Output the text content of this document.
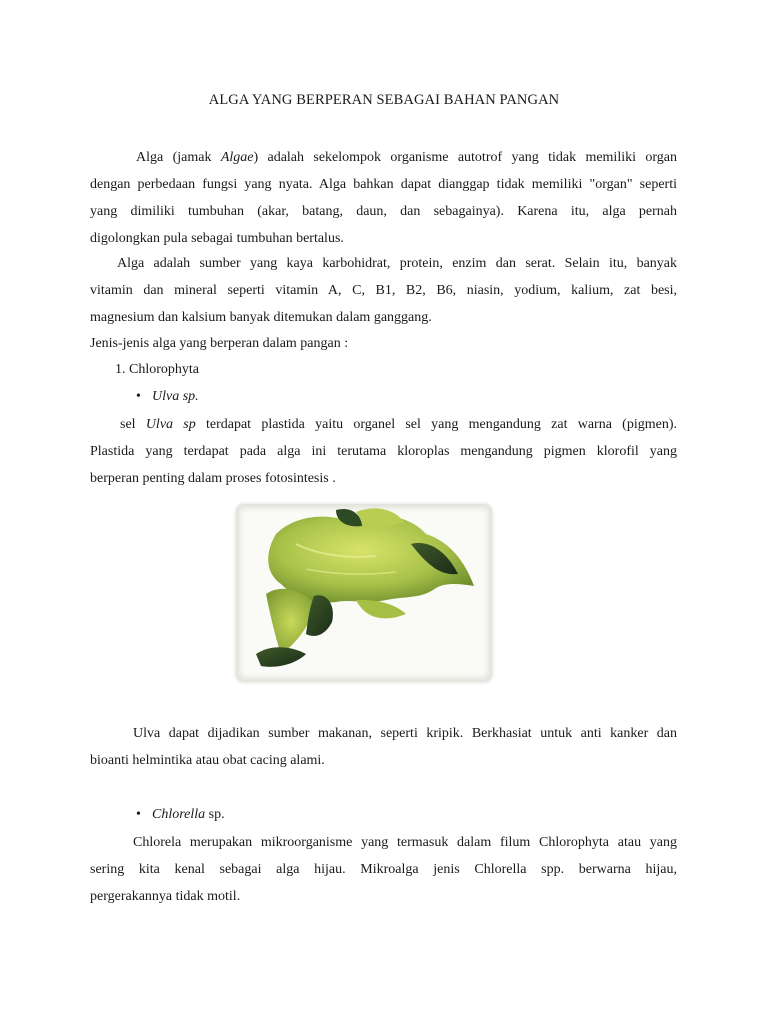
ALGA YANG BERPERAN SEBAGAI BAHAN PANGAN
Alga (jamak Algae) adalah sekelompok organisme autotrof yang tidak memiliki organ
dengan perbedaan fungsi yang nyata. Alga bahkan dapat dianggap tidak memiliki "organ" seperti
yang dimiliki tumbuhan (akar, batang, daun, dan sebagainya). Karena itu, alga pernah
digolongkan pula sebagai tumbuhan bertalus.
Alga adalah sumber yang kaya karbohidrat, protein, enzim dan serat. Selain itu, banyak
vitamin dan mineral seperti vitamin A, C, B1, B2, B6, niasin, yodium, kalium, zat besi,
magnesium dan kalsium banyak ditemukan dalam ganggang.

Jenis-jenis alga yang berperan dalam pangan :

1. Chlorophyta

• Ulva sp.

sel Ulva sp terdapat plastida yaitu organel sel yang mengandung zat warna (pigmen).
Plastida yang terdapat pada alga ini terutama kloroplas mengandung pigmen klorofil yang
berperan penting dalam proses fotosintesis .
Ulva dapat dijadikan sumber makanan, seperti kripik. Berkhasiat untuk anti kanker dan
bioanti helmintika atau obat cacing alami.

• Chlorella sp.

Chlorela merupakan mikroorganisme yang termasuk dalam filum Chlorophyta atau yang
sering kita kenal sebagai alga hijau. Mikroalga jenis Chlorella spp. berwarna hijau,
pergerakannya tidak motil.
